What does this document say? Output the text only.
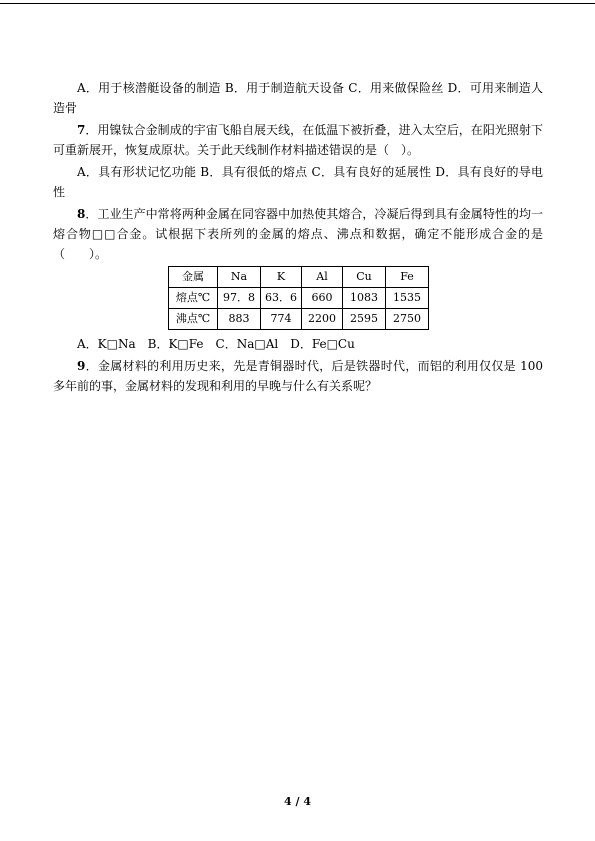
A．用于核潜艇设备的制造 B．用于制造航天设备 C．用来做保险丝 D．可用来制造人造骨

7．用镍钛合金制成的宇宙飞船自展天线，在低温下被折叠，进入太空后，在阳光照射下可重新展开，恢复成原状。关于此天线制作材料描述错误的是（　）。

A．具有形状记忆功能 B．具有很低的熔点 C．具有良好的延展性 D．具有良好的导电性

8．工业生产中常将两种金属在同容器中加热使其熔合，冷凝后得到具有金属特性的均一熔合物□□合金。试根据下表所列的金属的熔点、沸点和数据，确定不能形成合金的是（　　）。

金属	Na	K	Al	Cu	Fe
熔点℃	97．8	63．6	660	1083	1535
沸点℃	883	774	2200	2595	2750

A．K□Na　B．K□Fe　C．Na□Al　D．Fe□Cu

9．金属材料的利用历史来，先是青铜器时代，后是铁器时代，而铝的利用仅仅是 100 多年前的事，金属材料的发现和利用的早晚与什么有关系呢？

4 / 4
